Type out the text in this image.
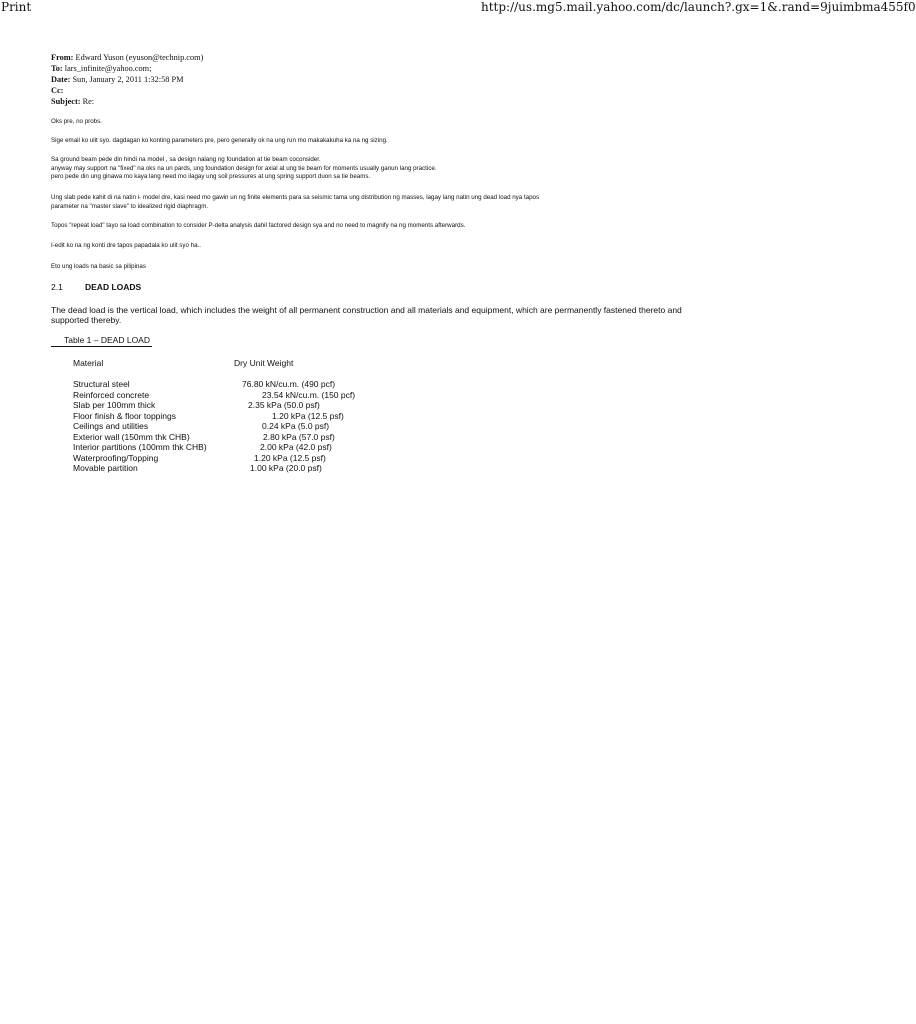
Print	http://us.mg5.mail.yahoo.com/dc/launch?.gx=1&.rand=9juimbma455f0
From: Edward Yuson (eyuson@technip.com)
To: lars_infinite@yahoo.com;
Date: Sun, January 2, 2011 1:32:58 PM
Cc:
Subject: Re:
Oks pre, no probs.
Sige email ko ulit syo. dagdagan ko konting parameters pre, pero generally ok na ung run mo makakakuha ka na ng sizing.
Sa ground beam pede din hindi na model , sa design nalang ng foundation at tie beam coconsider.
anyway may support na "fixed" na oks na un pards, ung foundation design for axial at ung tie beam for moments usually ganun lang practice.
pero pede din ung ginawa mo kaya lang need mo ilagay ung soil pressures at ung spring support duon sa tie beams.
Ung slab pede kahit di na natin i- model dre, kasi need mo gawin un ng finite elements para sa seismic tama ung distribution ng masses, lagay lang natin ung dead load nya tapos
parameter na "master slave" to idealized rigid diaphragm.
Topos "repeat load" tayo sa load combination to consider P-delta analysis dahil factored design sya and no need to magnify na ng moments afterwards.
I-edit ko na ng konti dre tapos papadala ko ulit syo ha..
Eto ung loads na basic sa pilipinas
2.1	DEAD LOADS
The dead load is the vertical load, which includes the weight of all permanent construction and all materials and equipment, which are permanently fastened thereto and supported thereby.
Table 1 – DEAD LOAD
Material	Dry Unit Weight
Structural steel	76.80 kN/cu.m. (490 pcf)
Reinforced concrete	23.54 kN/cu.m. (150 pcf)
Slab per 100mm thick	2.35 kPa (50.0 psf)
Floor finish & floor toppings	1.20 kPa (12.5 psf)
Ceilings and utilities	0.24 kPa (5.0 psf)
Exterior wall (150mm thk CHB)	2.80 kPa (57.0 psf)
Interior partitions (100mm thk CHB)	2.00 kPa (42.0 psf)
Waterproofing/Topping	1.20 kPa (12.5 psf)
Movable partition	1.00 kPa (20.0 psf)
